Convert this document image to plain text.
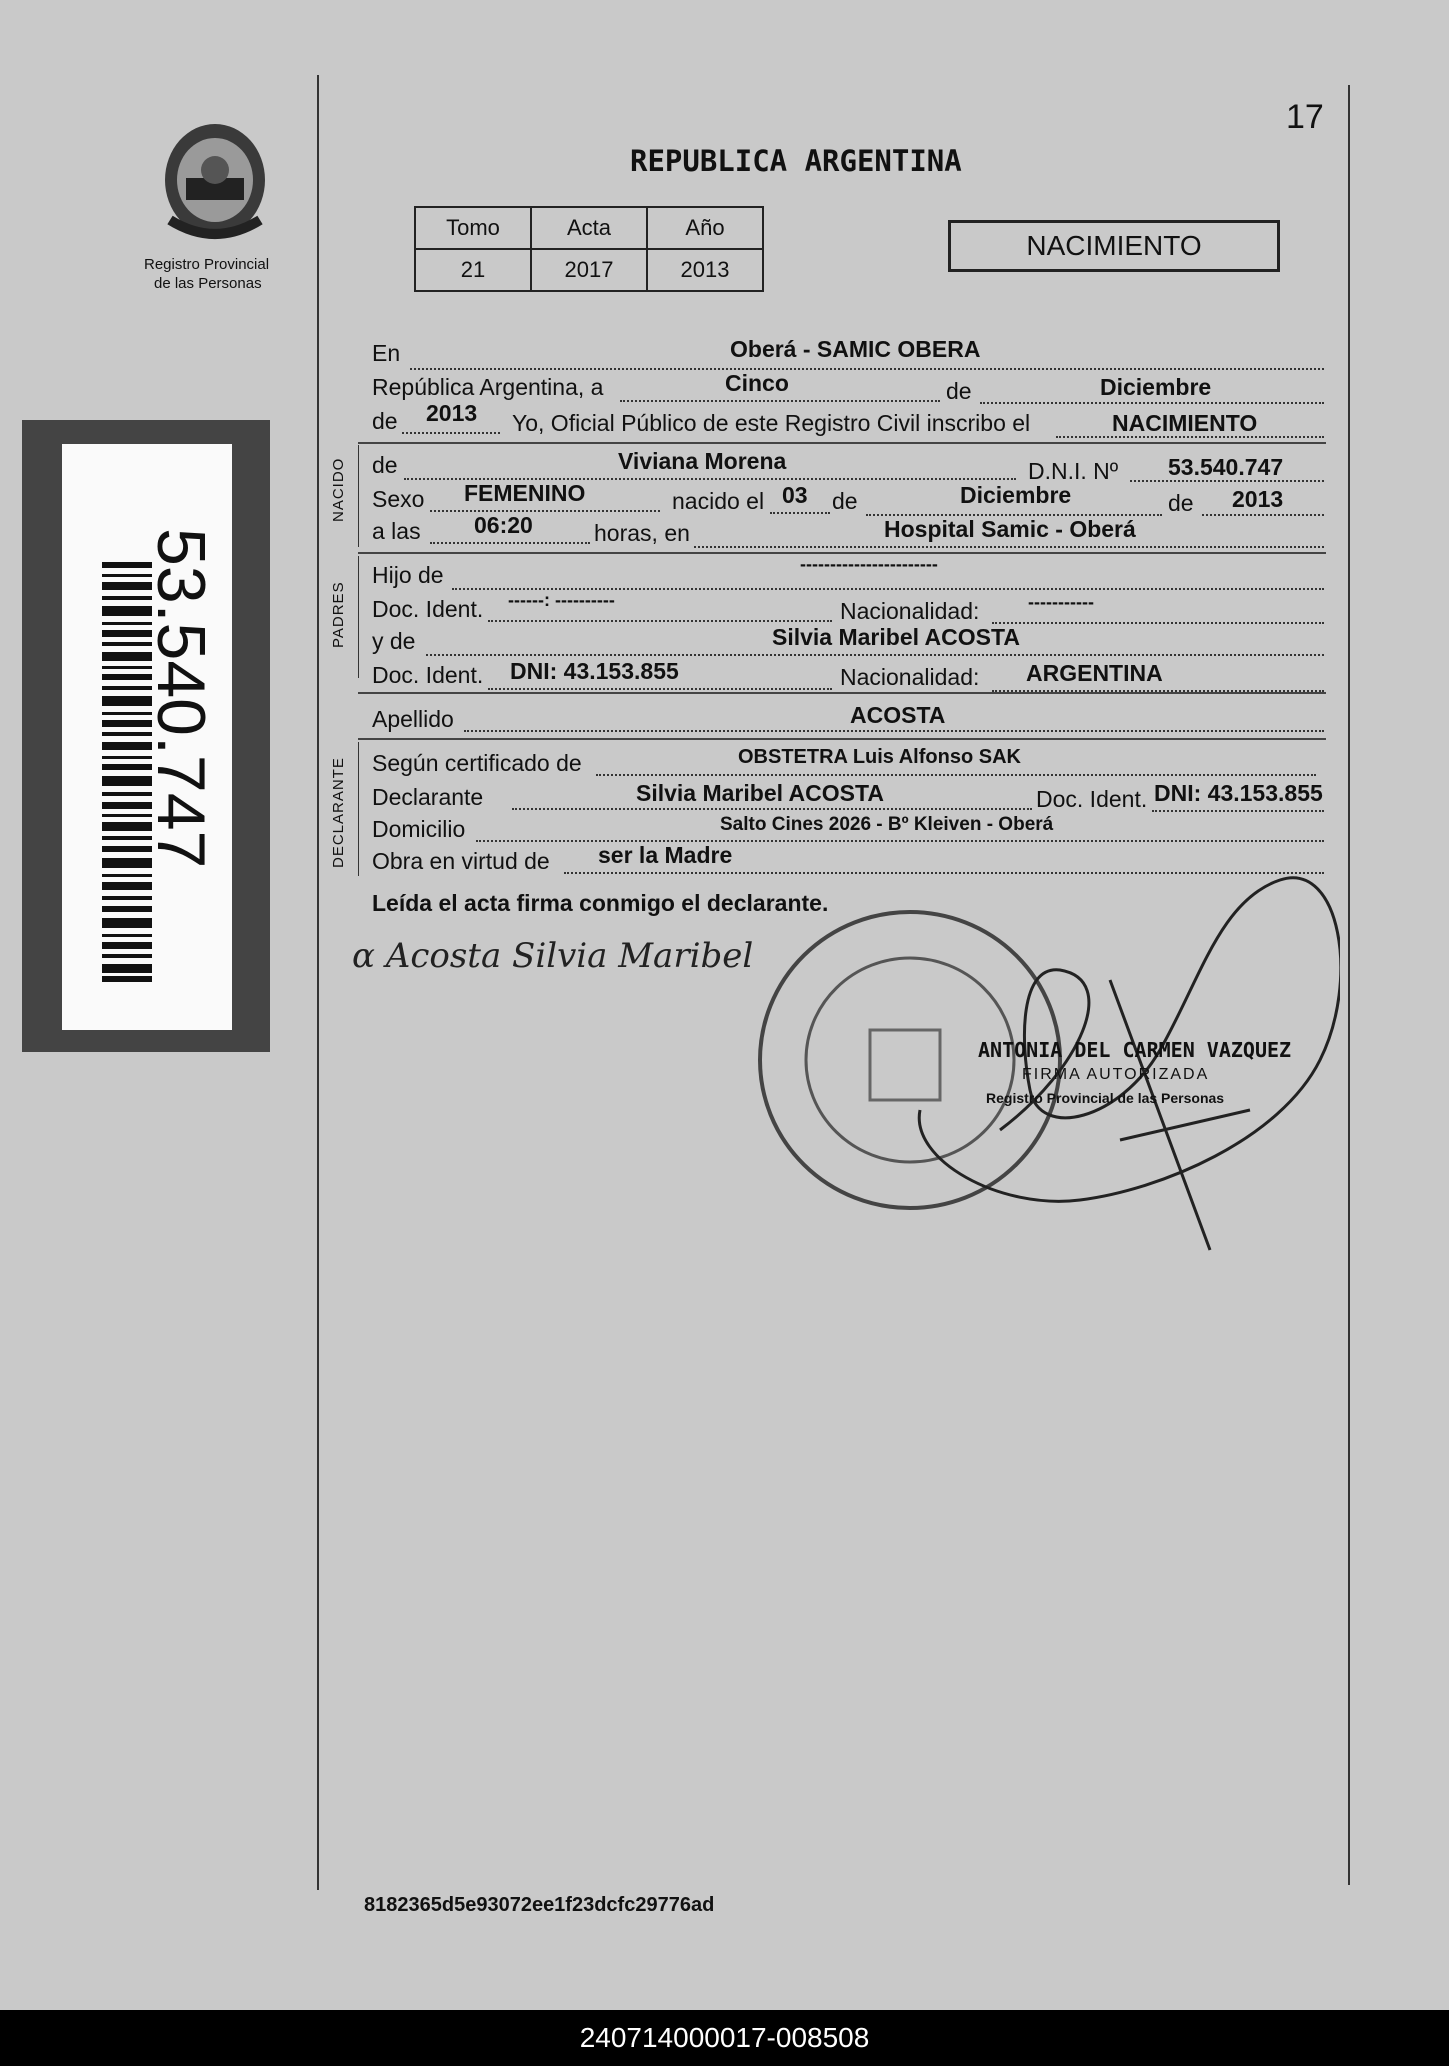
Registro Provincial
de las Personas
53.540.747
17
REPUBLICA ARGENTINA
Tomo	Acta	Año
21	2017	2013
NACIMIENTO
En	Oberá - SAMIC OBERA
República Argentina, a	Cinco	de	Diciembre
de 2013 Yo, Oficial Público de este Registro Civil inscribo el	NACIMIENTO
NACIDO de	Viviana Morena	D.N.I. Nº 53.540.747
Sexo FEMENINO	nacido el 03 de	Diciembre	de 2013
a las 06:20	horas, en	Hospital Samic - Oberá
PADRES
Hijo de	-----------------------
Doc. Ident. ------: ----------	Nacionalidad:	-----------
y de	Silvia Maribel ACOSTA
Doc. Ident. DNI: 43.153.855	Nacionalidad: ARGENTINA
Apellido	ACOSTA
DECLARANTE Según certificado de	OBSTETRA Luis Alfonso SAK
Declarante	Silvia Maribel ACOSTA	Doc. Ident. DNI: 43.153.855
Domicilio	Salto Cines 2026 - Bº Kleiven - Oberá
Obra en virtud de ser la Madre
Leída el acta firma conmigo el declarante.
α Acosta Silvia Maribel
ANTONIA DEL CARMEN VAZQUEZ
FIRMA AUTORIZADA
Registro Provincial de las Personas
8182365d5e93072ee1f23dcfc29776ad
240714000017-008508
